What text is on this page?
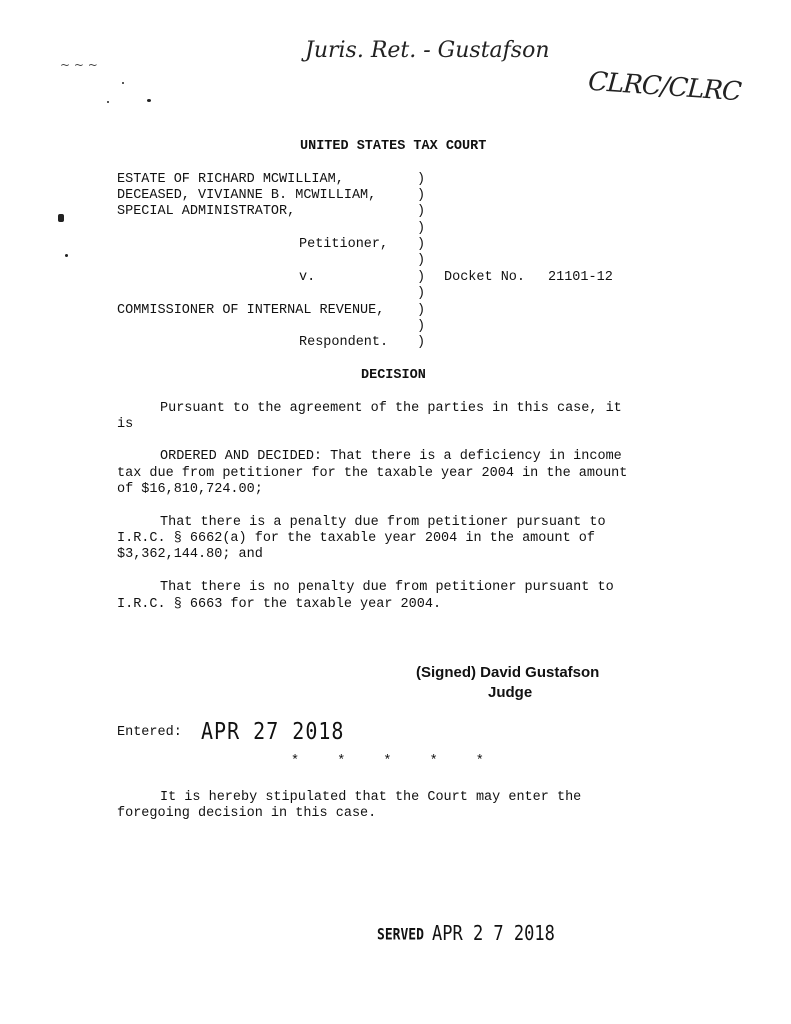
Juris. Ret. - Gustafson
CLRC/CLRC
~ ~ ~
UNITED STATES TAX COURT
ESTATE OF RICHARD MCWILLIAM,
DECEASED, VIVIANNE B. MCWILLIAM,
SPECIAL ADMINISTRATOR,
Petitioner,
v.
COMMISSIONER OF INTERNAL REVENUE,
Respondent.
)
)
)
)
)
)
)
)
)
)
)
Docket No. 21101-12
DECISION
Pursuant to the agreement of the parties in this case, it
is
ORDERED AND DECIDED: That there is a deficiency in income
tax due from petitioner for the taxable year 2004 in the amount
of $16,810,724.00;
That there is a penalty due from petitioner pursuant to
I.R.C. § 6662(a) for the taxable year 2004 in the amount of
$3,362,144.80; and
That there is no penalty due from petitioner pursuant to
I.R.C. § 6663 for the taxable year 2004.
(Signed) David Gustafson
Judge
Entered: APR 27 2018
* * * * *
It is hereby stipulated that the Court may enter the
foregoing decision in this case.
SERVED APR 2 7 2018
